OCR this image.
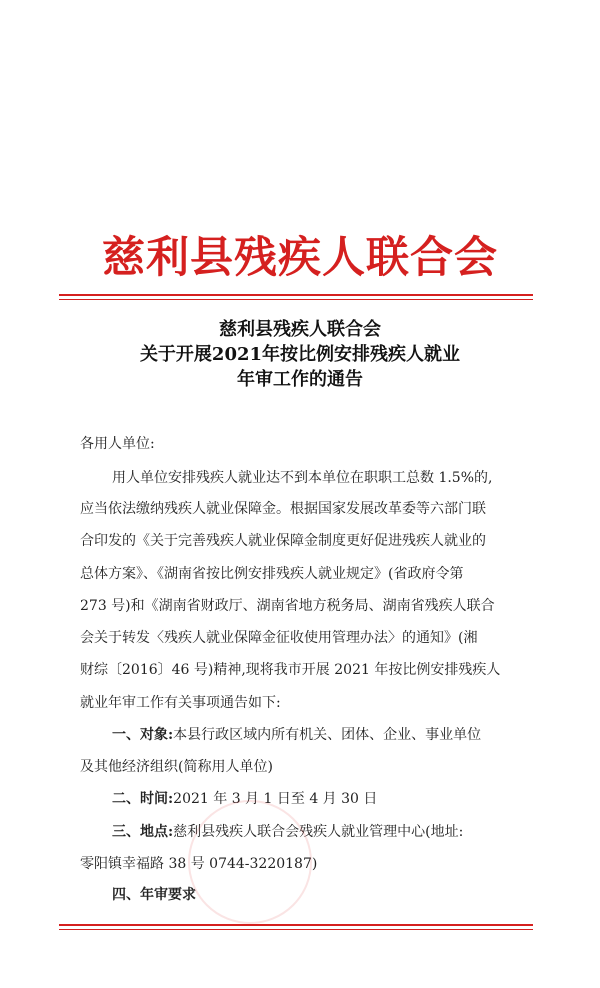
慈利县残疾人联合会
慈利县残疾人联合会
关于开展2021年按比例安排残疾人就业
年审工作的通告
各用人单位:
用人单位安排残疾人就业达不到本单位在职职工总数 1.5%的,
应当依法缴纳残疾人就业保障金。根据国家发展改革委等六部门联
合印发的《关于完善残疾人就业保障金制度更好促进残疾人就业的
总体方案》、《湖南省按比例安排残疾人就业规定》(省政府令第
273 号)和《湖南省财政厅、湖南省地方税务局、湖南省残疾人联合
会关于转发〈残疾人就业保障金征收使用管理办法〉的通知》(湘
财综〔2016〕46 号)精神,现将我市开展 2021 年按比例安排残疾人
就业年审工作有关事项通告如下:
一、对象:本县行政区域内所有机关、团体、企业、事业单位
及其他经济组织(简称用人单位)
二、时间:2021 年 3 月 1 日至 4 月 30 日
三、地点:慈利县残疾人联合会残疾人就业管理中心(地址:
零阳镇幸福路 38 号 0744-3220187)
四、年审要求
